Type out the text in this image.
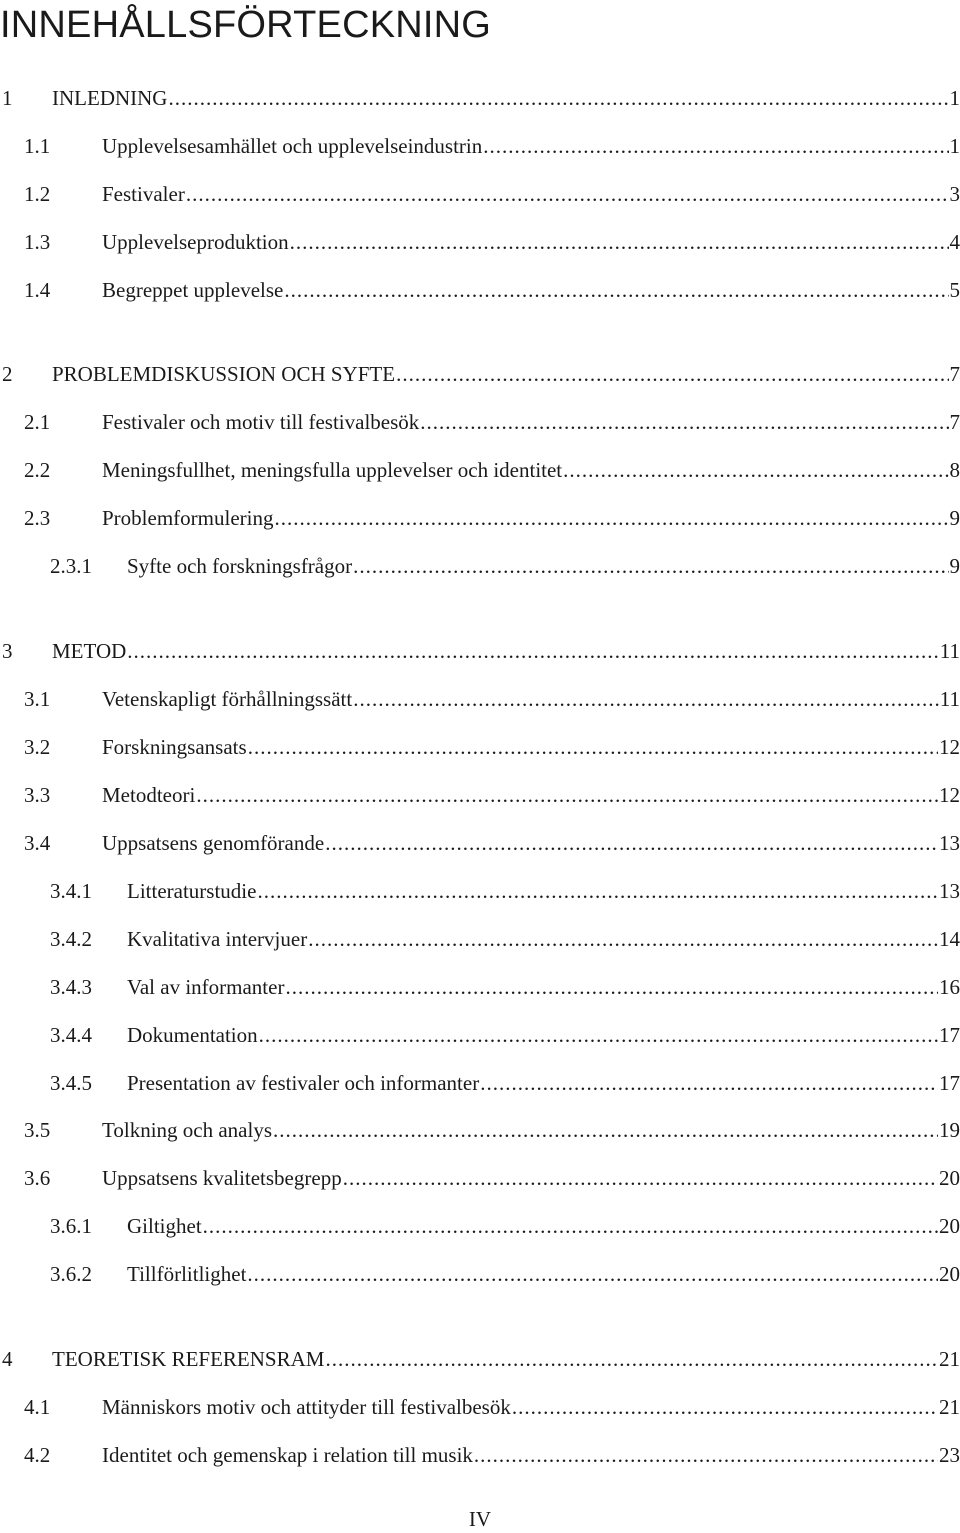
INNEHÅLLSFÖRTECKNING
1	INLEDNING .....	1
1.1	Upplevelsesamhället och upplevelseindustrin .....	1
1.2	Festivaler .....	3
1.3	Upplevelseproduktion .....	4
1.4	Begreppet upplevelse .....	5
2	PROBLEMDISKUSSION OCH SYFTE .....	7
2.1	Festivaler och motiv till festivalbesök .....	7
2.2	Meningsfullhet, meningsfulla upplevelser och identitet .....	8
2.3	Problemformulering .....	9
2.3.1	Syfte och forskningsfrågor .....	9
3	METOD .....	11
3.1	Vetenskapligt förhållningssätt .....	11
3.2	Forskningsansats .....	12
3.3	Metodteori .....	12
3.4	Uppsatsens genomförande .....	13
3.4.1	Litteraturstudie .....	13
3.4.2	Kvalitativa intervjuer .....	14
3.4.3	Val av informanter .....	16
3.4.4	Dokumentation .....	17
3.4.5	Presentation av festivaler och informanter .....	17
3.5	Tolkning och analys .....	19
3.6	Uppsatsens kvalitetsbegrepp .....	20
3.6.1	Giltighet .....	20
3.6.2	Tillförlitlighet .....	20
4	TEORETISK REFERENSRAM .....	21
4.1	Människors motiv och attityder till festivalbesök .....	21
4.2	Identitet och gemenskap i relation till musik .....	23
IV
